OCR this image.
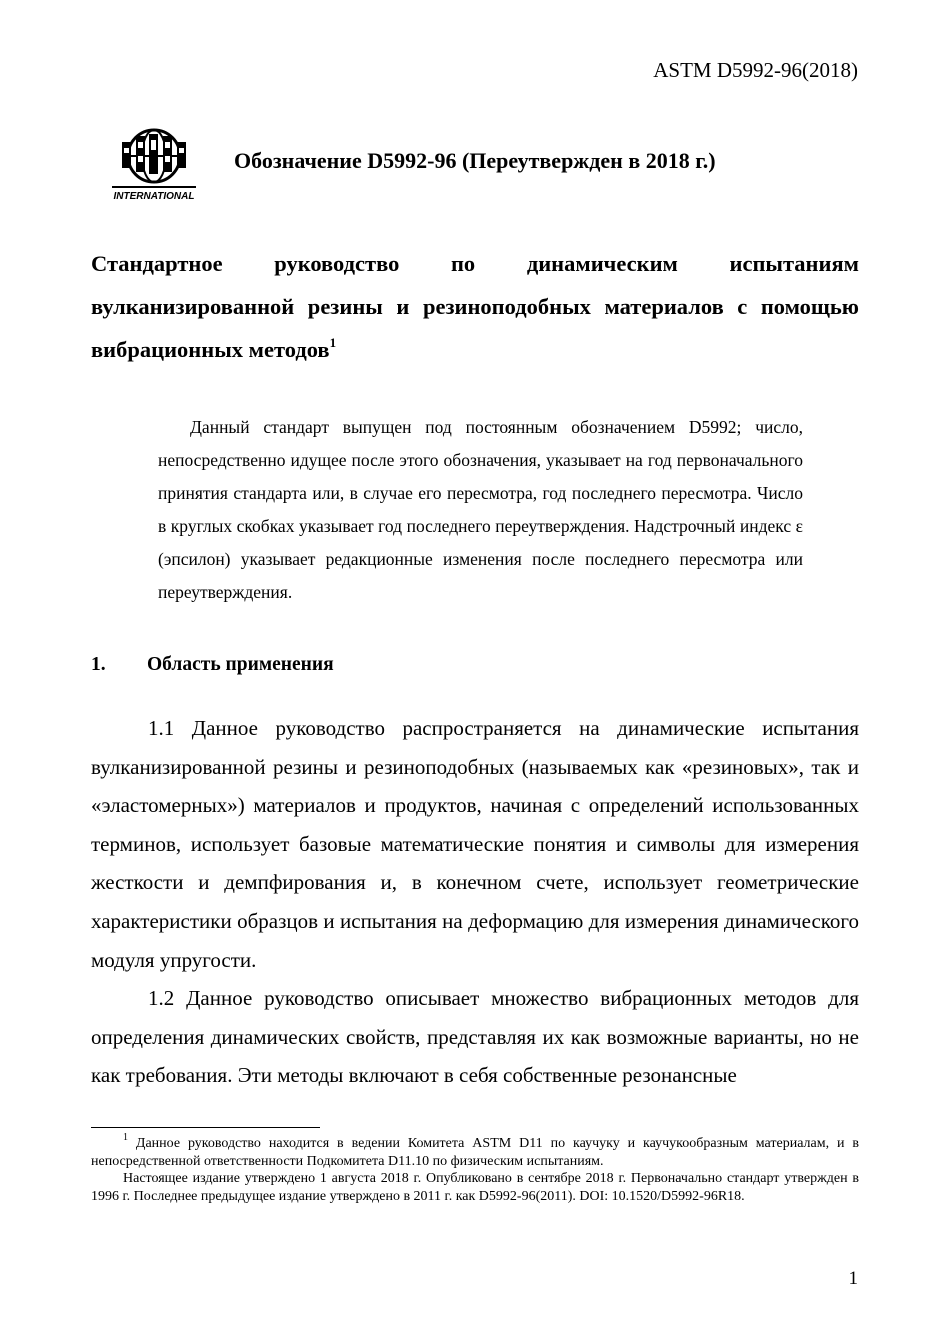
ASTM D5992-96(2018)
INTERNATIONAL
Обозначение D5992-96 (Переутвержден в 2018 г.)
Стандартное руководство по динамическим испытаниям вулканизированной резины и резиноподобных материалов с помощью вибрационных методов$^1$
Данный стандарт выпущен под постоянным обозначением D5992; число, непосредственно идущее после этого обозначения, указывает на год первоначального принятия стандарта или, в случае его пересмотра, год последнего пересмотра. Число в круглых скобках указывает год последнего переутверждения. Надстрочный индекс ε (эпсилон) указывает редакционные изменения после последнего пересмотра или переутверждения.
1. Область применения

1.1 Данное руководство распространяется на динамические испытания вулканизированной резины и резиноподобных (называемых как «резиновых», так и «эластомерных») материалов и продуктов, начиная с определений использованных терминов, использует базовые математические понятия и символы для измерения жесткости и демпфирования и, в конечном счете, использует геометрические характеристики образцов и испытания на деформацию для измерения динамического модуля упругости.

1.2 Данное руководство описывает множество вибрационных методов для определения динамических свойств, представляя их как возможные варианты, но не как требования. Эти методы включают в себя собственные резонансные

$^1$ Данное руководство находится в ведении Комитета ASTM D11 по каучуку и каучукообразным материалам, и в непосредственной ответственности Подкомитета D11.10 по физическим испытаниям.

Настоящее издание утверждено 1 августа 2018 г. Опубликовано в сентябре 2018 г. Первоначально стандарт утвержден в 1996 г. Последнее предыдущее издание утверждено в 2011 г. как D5992-96(2011). DOI: 10.1520/D5992-96R18.

1
